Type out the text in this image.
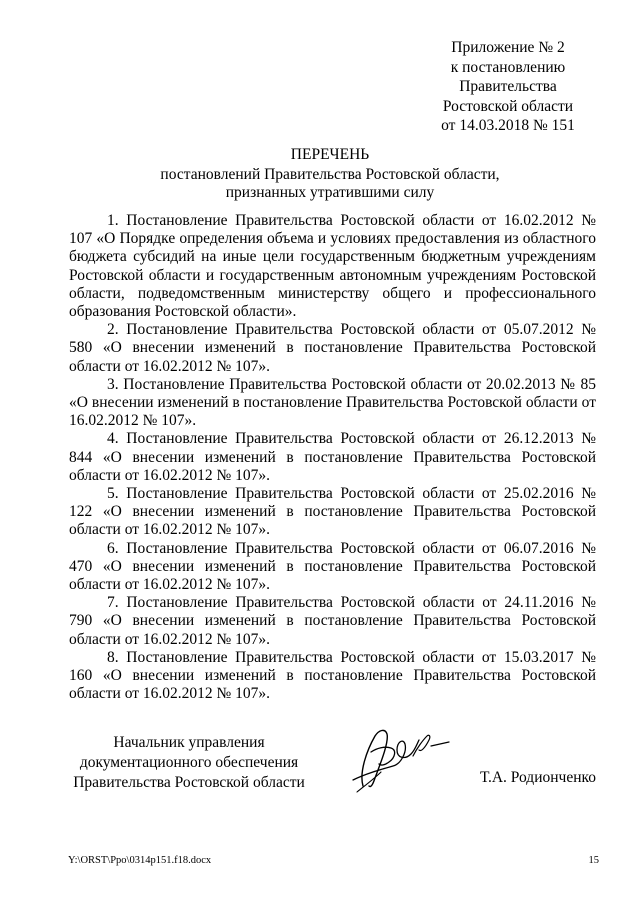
Приложение № 2
к постановлению
Правительства
Ростовской области
от 14.03.2018 № 151
ПЕРЕЧЕНЬ
постановлений Правительства Ростовской области,
признанных утратившими силу

1. Постановление Правительства Ростовской области от 16.02.2012 № 107 «О Порядке определения объема и условиях предоставления из областного бюджета субсидий на иные цели государственным бюджетным учреждениям Ростовской области и государственным автономным учреждениям Ростовской области, подведомственным министерству общего и профессионального образования Ростовской области».

2. Постановление Правительства Ростовской области от 05.07.2012 № 580 «О внесении изменений в постановление Правительства Ростовской области от 16.02.2012 № 107».

3. Постановление Правительства Ростовской области от 20.02.2013 № 85 «О внесении изменений в постановление Правительства Ростовской области от 16.02.2012 № 107».

4. Постановление Правительства Ростовской области от 26.12.2013 № 844 «О внесении изменений в постановление Правительства Ростовской области от 16.02.2012 № 107».

5. Постановление Правительства Ростовской области от 25.02.2016 № 122 «О внесении изменений в постановление Правительства Ростовской области от 16.02.2012 № 107».

6. Постановление Правительства Ростовской области от 06.07.2016 № 470 «О внесении изменений в постановление Правительства Ростовской области от 16.02.2012 № 107».

7. Постановление Правительства Ростовской области от 24.11.2016 № 790 «О внесении изменений в постановление Правительства Ростовской области от 16.02.2012 № 107».

8. Постановление Правительства Ростовской области от 15.03.2017 № 160 «О внесении изменений в постановление Правительства Ростовской области от 16.02.2012 № 107».

Начальник управления
документационного обеспечения
Правительства Ростовской области	Т.А. Родионченко
Y:\ORST\Ppo\0314p151.f18.docx	15
